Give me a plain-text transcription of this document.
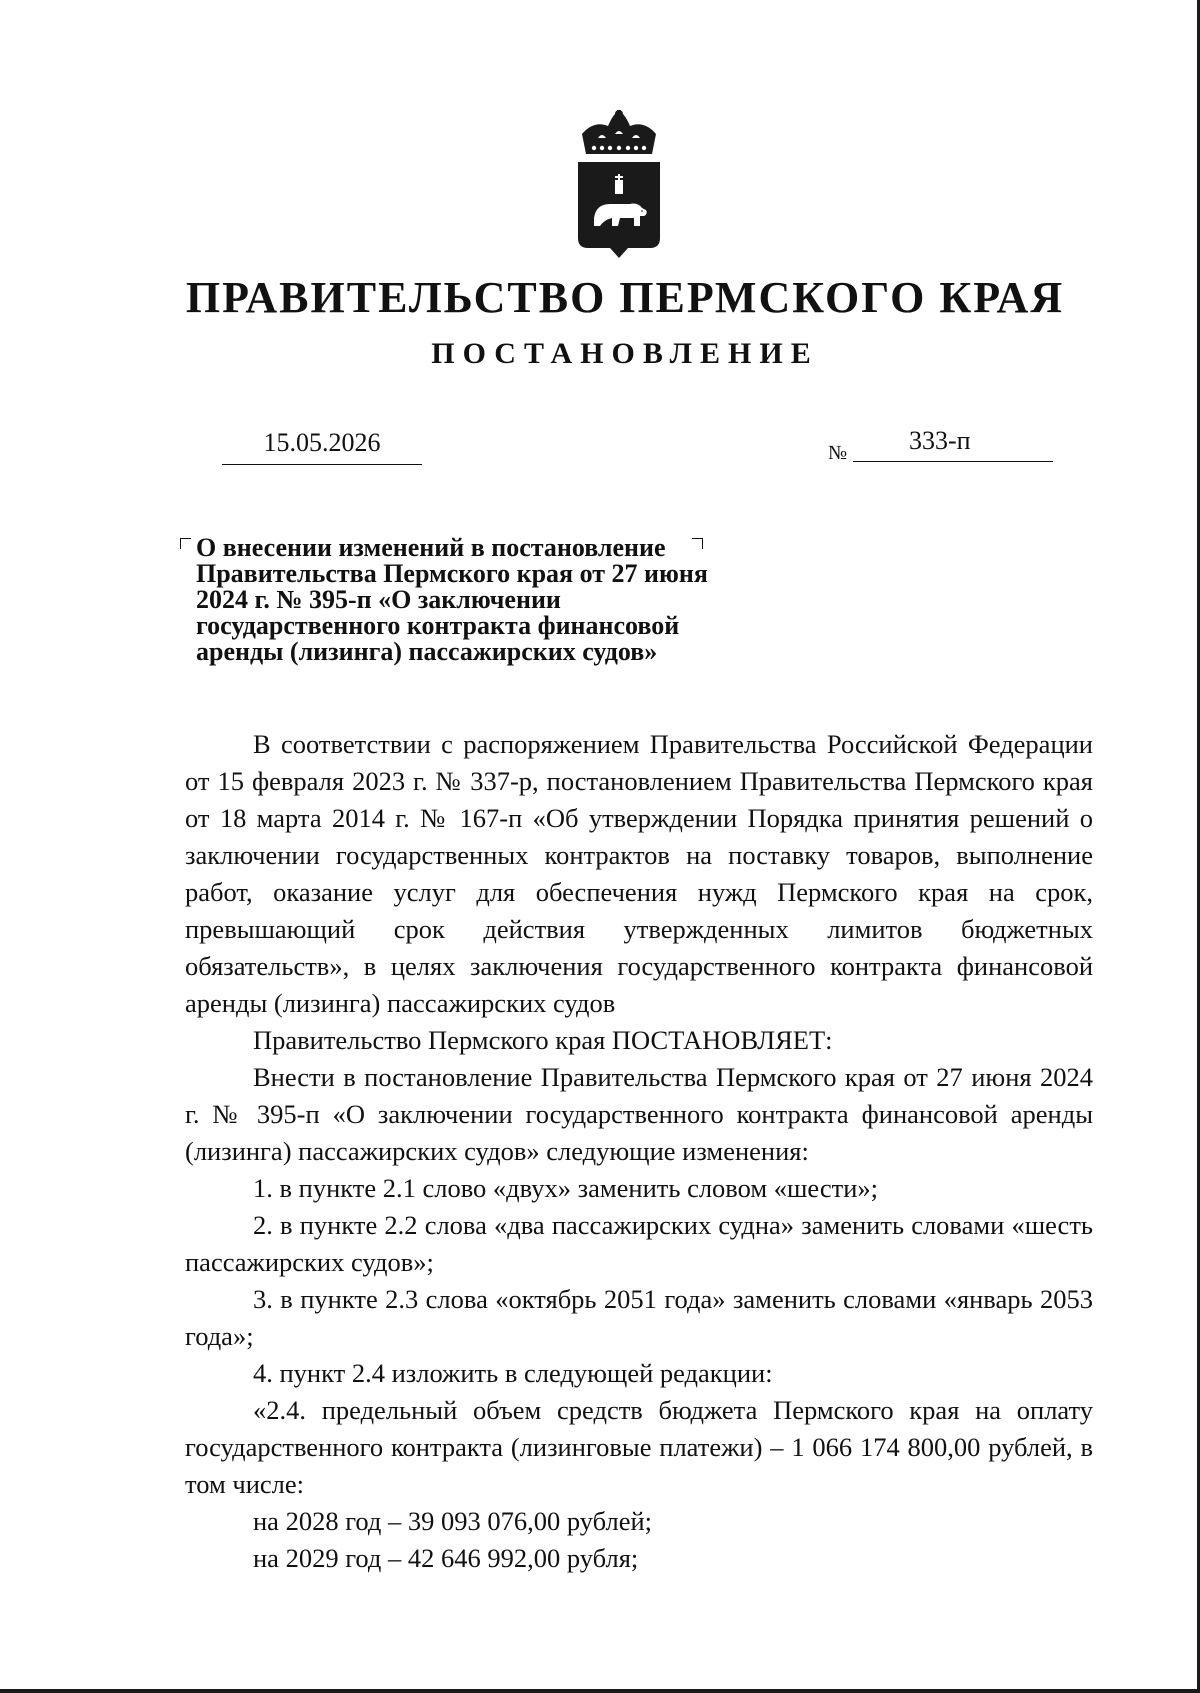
ПРАВИТЕЛЬСТВО ПЕРМСКОГО КРАЯ
ПОСТАНОВЛЕНИЕ
15.05.2026	№	333-п
О внесении изменений в постановление
Правительства Пермского края от 27 июня
2024 г. № 395-п «О заключении
государственного контракта финансовой
аренды (лизинга) пассажирских судов»

В соответствии с распоряжением Правительства Российской Федерации от 15 февраля 2023 г. № 337-р, постановлением Правительства Пермского края от 18 марта 2014 г. № 167-п «Об утверждении Порядка принятия решений о заключении государственных контрактов на поставку товаров, выполнение работ, оказание услуг для обеспечения нужд Пермского края на срок, превышающий срок действия утвержденных лимитов бюджетных обязательств», в целях заключения государственного контракта финансовой аренды (лизинга) пассажирских судов

Правительство Пермского края ПОСТАНОВЛЯЕТ:

Внести в постановление Правительства Пермского края от 27 июня 2024 г. № 395-п «О заключении государственного контракта финансовой аренды (лизинга) пассажирских судов» следующие изменения:

1. в пункте 2.1 слово «двух» заменить словом «шести»;

2. в пункте 2.2 слова «два пассажирских судна» заменить словами «шесть пассажирских судов»;

3. в пункте 2.3 слова «октябрь 2051 года» заменить словами «январь 2053 года»;

4. пункт 2.4 изложить в следующей редакции:

«2.4. предельный объем средств бюджета Пермского края на оплату государственного контракта (лизинговые платежи) – 1 066 174 800,00 рублей, в том числе:

на 2028 год – 39 093 076,00 рублей;

на 2029 год – 42 646 992,00 рубля;
